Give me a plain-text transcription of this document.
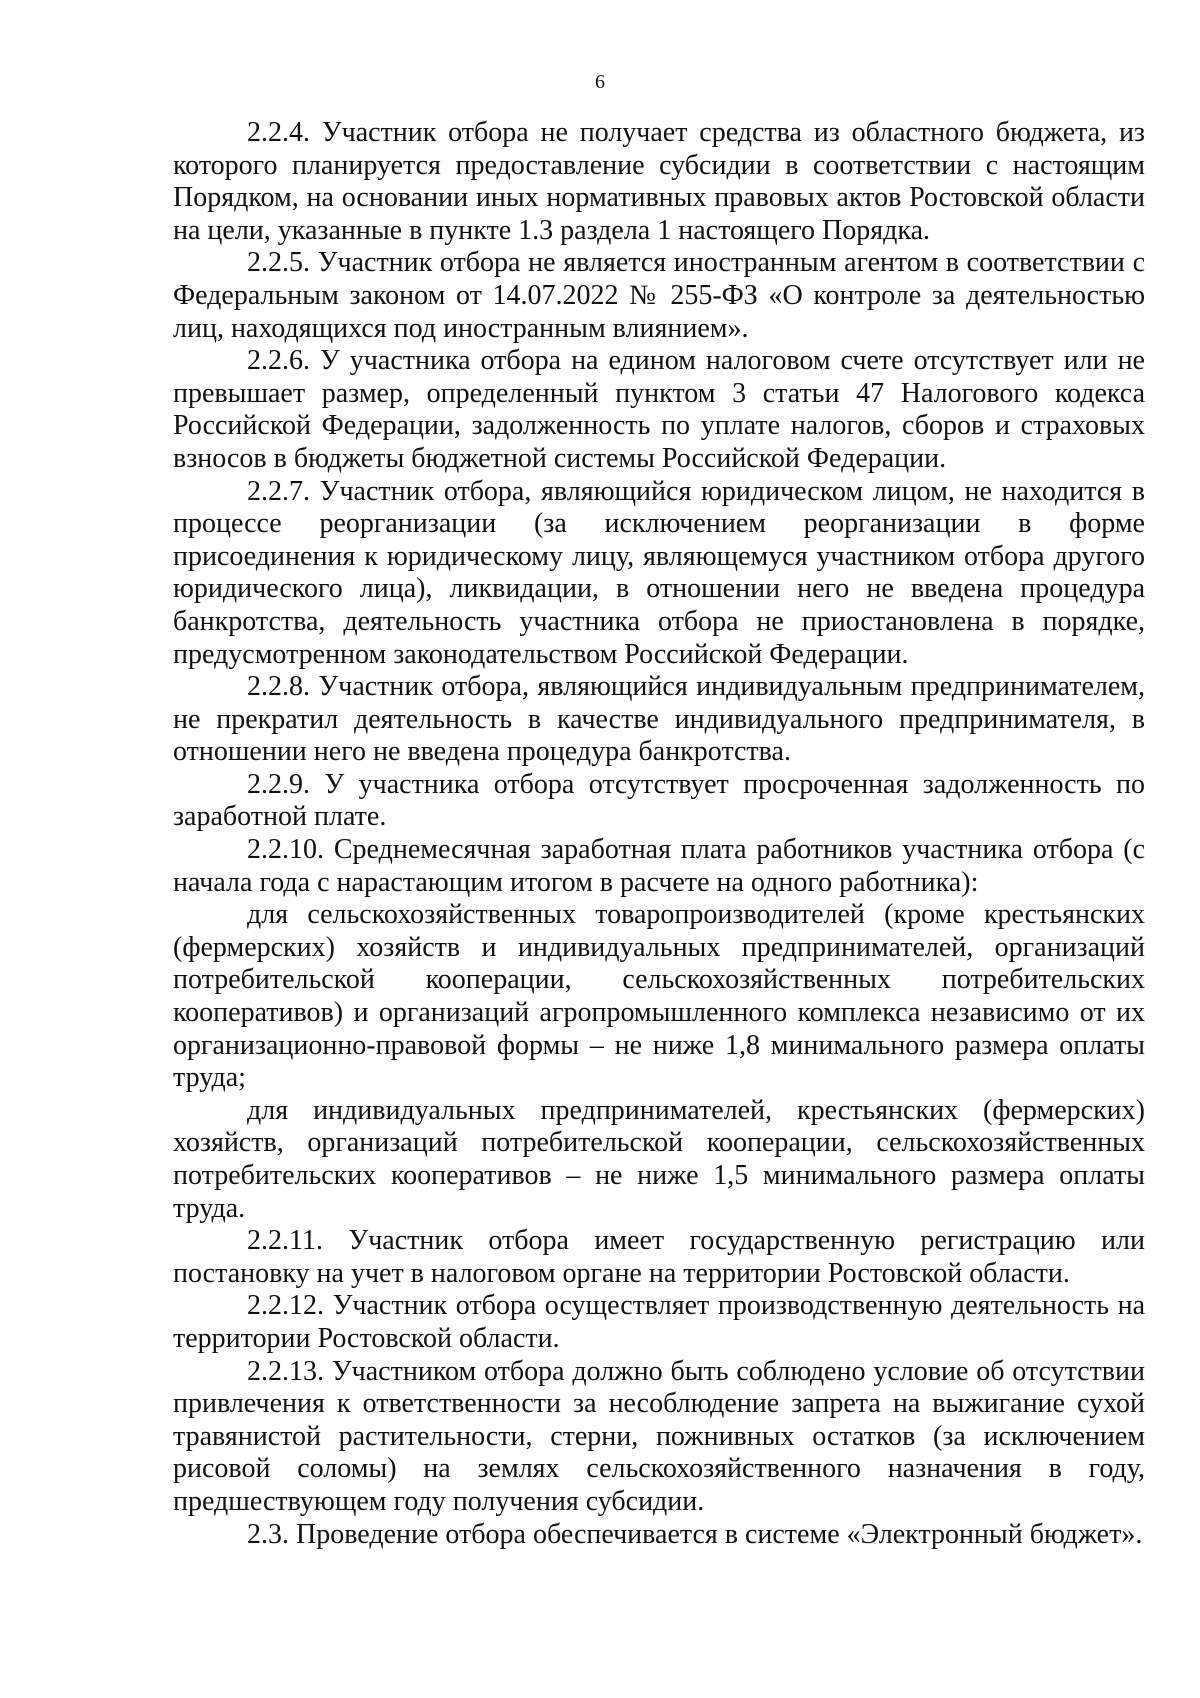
6

2.2.4. Участник отбора не получает средства из областного бюджета, из которого планируется предоставление субсидии в соответствии с настоящим Порядком, на основании иных нормативных правовых актов Ростовской области на цели, указанные в пункте 1.3 раздела 1 настоящего Порядка.

2.2.5. Участник отбора не является иностранным агентом в соответствии с Федеральным законом от 14.07.2022 № 255-ФЗ «О контроле за деятельностью лиц, находящихся под иностранным влиянием».

2.2.6. У участника отбора на едином налоговом счете отсутствует или не превышает размер, определенный пунктом 3 статьи 47 Налогового кодекса Российской Федерации, задолженность по уплате налогов, сборов и страховых взносов в бюджеты бюджетной системы Российской Федерации.

2.2.7. Участник отбора, являющийся юридическом лицом, не находится в процессе реорганизации (за исключением реорганизации в форме присоединения к юридическому лицу, являющемуся участником отбора другого юридического лица), ликвидации, в отношении него не введена процедура банкротства, деятельность участника отбора не приостановлена в порядке, предусмотренном законодательством Российской Федерации.

2.2.8. Участник отбора, являющийся индивидуальным предпринимателем, не прекратил деятельность в качестве индивидуального предпринимателя, в отношении него не введена процедура банкротства.

2.2.9. У участника отбора отсутствует просроченная задолженность по заработной плате.

2.2.10. Среднемесячная заработная плата работников участника отбора (с начала года с нарастающим итогом в расчете на одного работника):

для сельскохозяйственных товаропроизводителей (кроме крестьянских (фермерских) хозяйств и индивидуальных предпринимателей, организаций потребительской кооперации, сельскохозяйственных потребительских кооперативов) и организаций агропромышленного комплекса независимо от их организационно-правовой формы – не ниже 1,8 минимального размера оплаты труда;

для индивидуальных предпринимателей, крестьянских (фермерских) хозяйств, организаций потребительской кооперации, сельскохозяйственных потребительских кооперативов – не ниже 1,5 минимального размера оплаты труда.

2.2.11. Участник отбора имеет государственную регистрацию или постановку на учет в налоговом органе на территории Ростовской области.

2.2.12. Участник отбора осуществляет производственную деятельность на территории Ростовской области.

2.2.13. Участником отбора должно быть соблюдено условие об отсутствии привлечения к ответственности за несоблюдение запрета на выжигание сухой травянистой растительности, стерни, пожнивных остатков (за исключением рисовой соломы) на землях сельскохозяйственного назначения в году, предшествующем году получения субсидии.

2.3. Проведение отбора обеспечивается в системе «Электронный бюджет».
